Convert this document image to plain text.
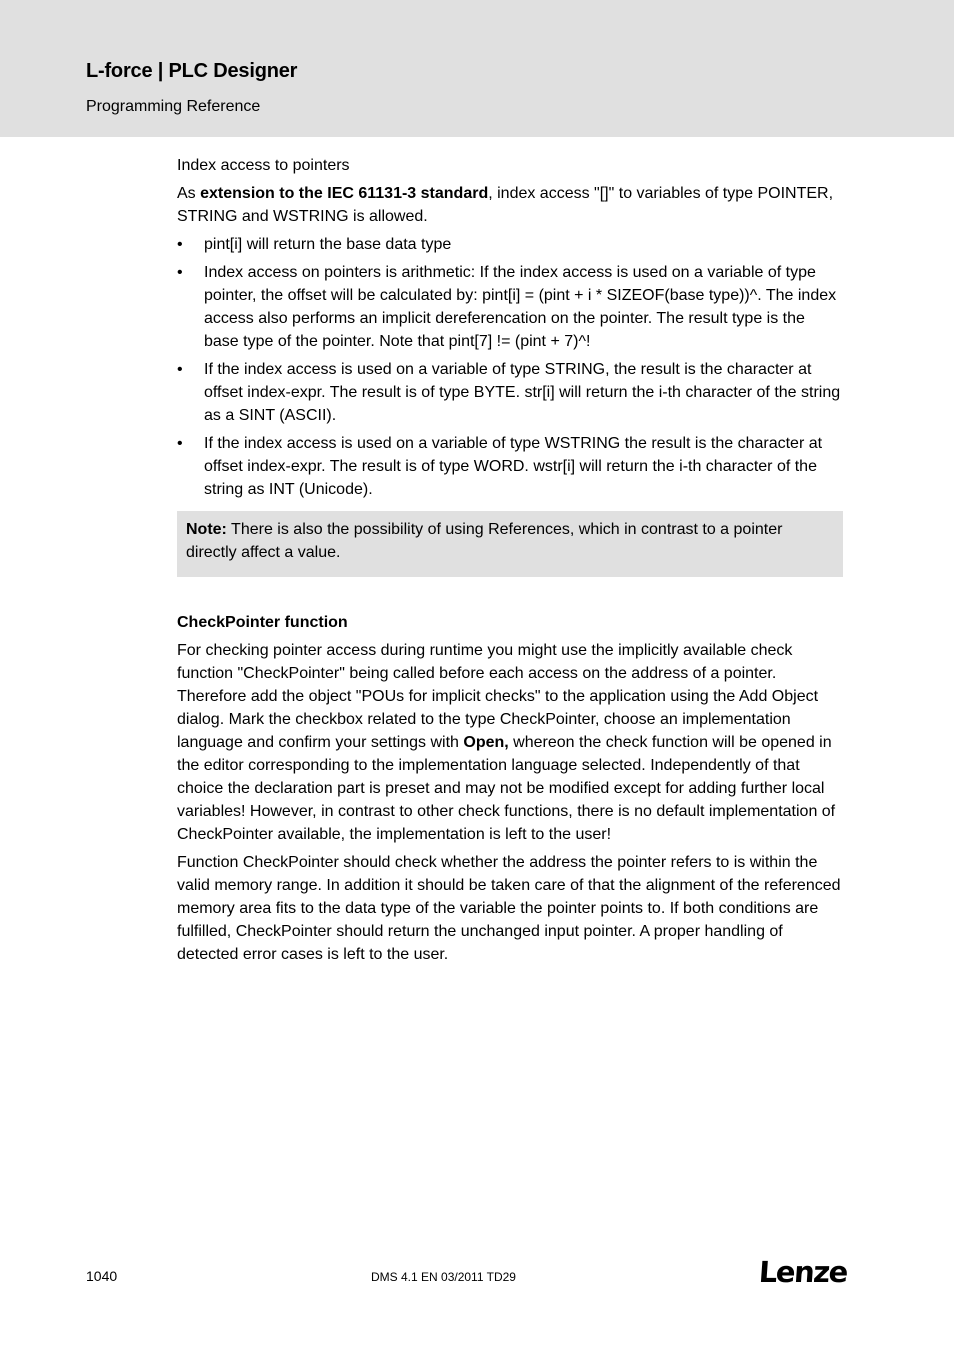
L-force | PLC Designer
Programming Reference

Index access to pointers

As extension to the IEC 61131-3 standard, index access "[]" to variables of type POINTER, STRING and WSTRING is allowed.

• pint[i] will return the base data type
• Index access on pointers is arithmetic: If the index access is used on a variable of type pointer, the offset will be calculated by: pint[i] = (pint + i * SIZEOF(base type))^. The index access also performs an implicit dereferencation on the pointer. The result type is the base type of the pointer. Note that pint[7] != (pint + 7)^!
• If the index access is used on a variable of type STRING, the result is the character at offset index-expr. The result is of type BYTE. str[i] will return the i-th character of the string as a SINT (ASCII).
• If the index access is used on a variable of type WSTRING the result is the character at offset index-expr. The result is of type WORD. wstr[i] will return the i-th character of the string as INT (Unicode).
Note: There is also the possibility of using References, which in contrast to a pointer directly affect a value.
CheckPointer function

For checking pointer access during runtime you might use the implicitly available check function "CheckPointer" being called before each access on the address of a pointer. Therefore add the object "POUs for implicit checks" to the application using the Add Object dialog. Mark the checkbox related to the type CheckPointer, choose an implementation language and confirm your settings with Open, whereon the check function will be opened in the editor corresponding to the implementation language selected. Independently of that choice the declaration part is preset and may not be modified except for adding further local variables! However, in contrast to other check functions, there is no default implementation of CheckPointer available, the implementation is left to the user!

Function CheckPointer should check whether the address the pointer refers to is within the valid memory range. In addition it should be taken care of that the alignment of the referenced memory area fits to the data type of the variable the pointer points to. If both conditions are fulfilled, CheckPointer should return the unchanged input pointer. A proper handling of detected error cases is left to the user.

1040	DMS 4.1 EN 03/2011 TD29	Lenze
